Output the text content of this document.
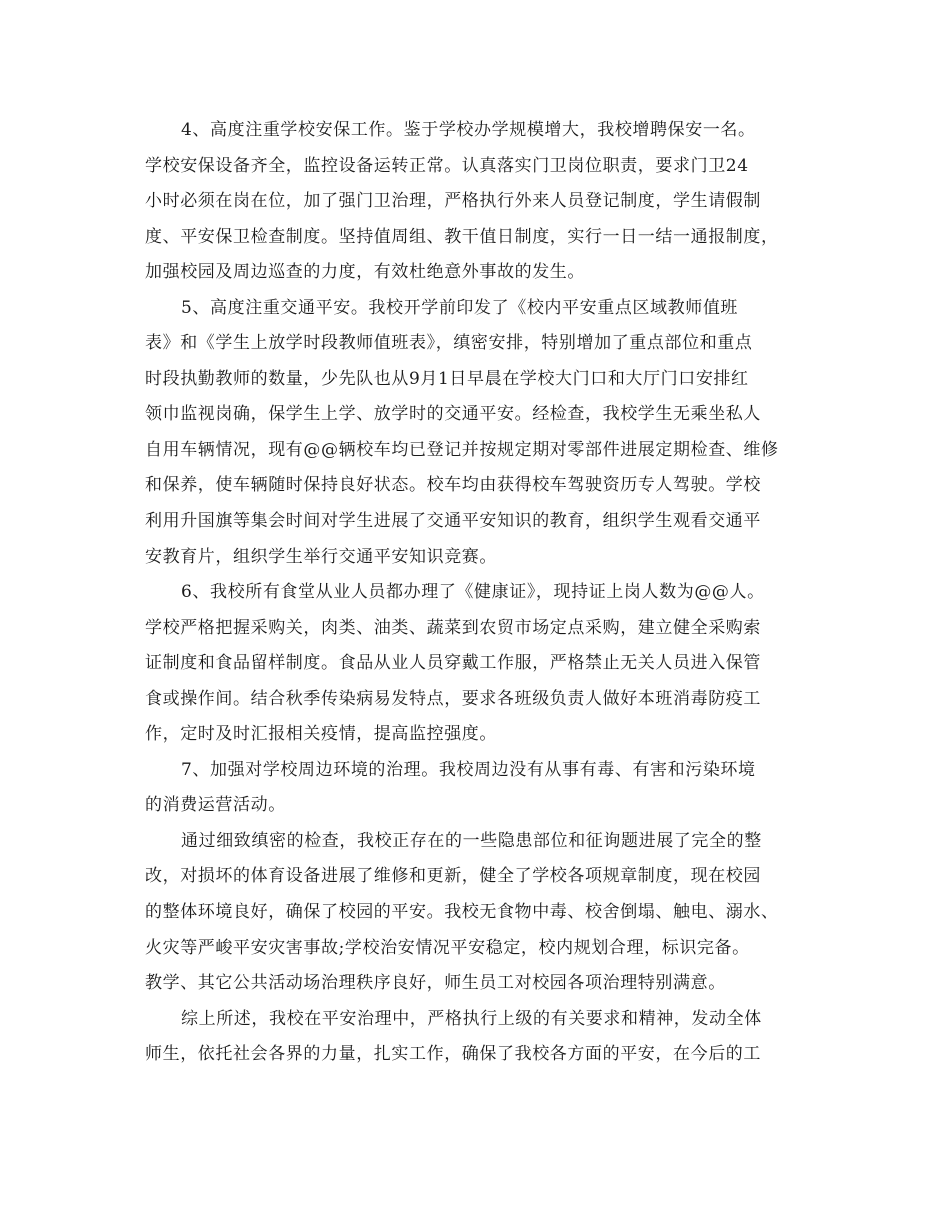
4、高度注重学校安保工作。鉴于学校办学规模增大，我校增聘保安一名。
学校安保设备齐全，监控设备运转正常。认真落实门卫岗位职责，要求门卫24
小时必须在岗在位，加了强门卫治理，严格执行外来人员登记制度，学生请假制
度、平安保卫检查制度。坚持值周组、教干值日制度，实行一日一结一通报制度，
加强校园及周边巡查的力度，有效杜绝意外事故的发生。
5、高度注重交通平安。我校开学前印发了《校内平安重点区域教师值班
表》和《学生上放学时段教师值班表》，缜密安排，特别增加了重点部位和重点
时段执勤教师的数量，少先队也从9月1日早晨在学校大门口和大厅门口安排红
领巾监视岗确，保学生上学、放学时的交通平安。经检查，我校学生无乘坐私人
自用车辆情况，现有@@辆校车均已登记并按规定期对零部件进展定期检查、维修
和保养，使车辆随时保持良好状态。校车均由获得校车驾驶资历专人驾驶。学校
利用升国旗等集会时间对学生进展了交通平安知识的教育，组织学生观看交通平
安教育片，组织学生举行交通平安知识竞赛。
6、我校所有食堂从业人员都办理了《健康证》，现持证上岗人数为@@人。
学校严格把握采购关，肉类、油类、蔬菜到农贸市场定点采购，建立健全采购索
证制度和食品留样制度。食品从业人员穿戴工作服，严格禁止无关人员进入保管
食或操作间。结合秋季传染病易发特点，要求各班级负责人做好本班消毒防疫工
作，定时及时汇报相关疫情，提高监控强度。
7、加强对学校周边环境的治理。我校周边没有从事有毒、有害和污染环境
的消费运营活动。
通过细致缜密的检查，我校正存在的一些隐患部位和征询题进展了完全的整
改，对损坏的体育设备进展了维修和更新，健全了学校各项规章制度，现在校园
的整体环境良好，确保了校园的平安。我校无食物中毒、校舍倒塌、触电、溺水、
火灾等严峻平安灾害事故;学校治安情况平安稳定，校内规划合理，标识完备。
教学、其它公共活动场治理秩序良好，师生员工对校园各项治理特别满意。
综上所述，我校在平安治理中，严格执行上级的有关要求和精神，发动全体
师生，依托社会各界的力量，扎实工作，确保了我校各方面的平安，在今后的工
